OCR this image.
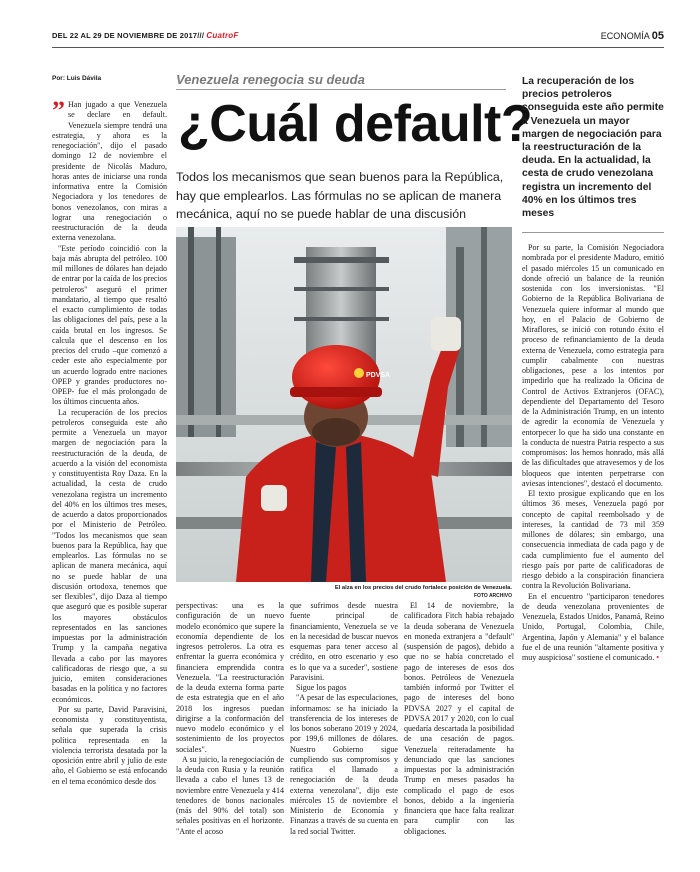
DEL 22 AL 29 DE NOVIEMBRE DE 2017/// CuatroF	ECONOMÍA 05
Por: Luis Dávila	Venezuela renegocia su deuda
¿Cuál default?
Todos los mecanismos que sean buenos para la República, hay que emplearlos. Las fórmulas no se aplican de manera mecánica, aquí no se puede hablar de una discusión

” Han jugado a que Venezuela se declare en default. Venezuela siempre tendrá una estrategia, y ahora es la renegociación", dijo el pasado domingo 12 de noviembre el presidente de Nicolás Maduro, horas antes de iniciarse una ronda informativa entre la Comisión Negociadora y los tenedores de bonos venezolanos, con miras a lograr una renegociación o reestructuración de la deuda externa venezolana.

"Este período coincidió con la baja más abrupta del petróleo. 100 mil millones de dólares han dejado de entrar por la caída de los precios petroleros" aseguró el primer mandatario, al tiempo que resaltó el exacto cumplimiento de todas las obligaciones del país, pese a la caída brutal en los ingresos. Se calcula que el descenso en los precios del crudo –que comenzó a ceder este año especialmente por un acuerdo logrado entre naciones OPEP y grandes productores no-OPEP- fue el más prolongado de los últimos cincuenta años.

La recuperación de los precios petroleros conseguida este año permite a Venezuela un mayor margen de negociación para la reestructuración de la deuda, de acuerdo a la visión del economista y constituyentista Roy Daza. En la actualidad, la cesta de crudo venezolana registra un incremento del 40% en los últimos tres meses, de acuerdo a datos proporcionados por el Ministerio de Petróleo. "Todos los mecanismos que sean buenos para la República, hay que emplearlos. Las fórmulas no se aplican de manera mecánica, aquí no se puede hablar de una discusión ortodoxa, tenemos que ser flexibles", dijo Daza al tiempo que aseguró que es posible superar los mayores obstáculos representados en las sanciones impuestas por la administración Trump y la campaña negativa llevada a cabo por las mayores calificadoras de riesgo que, a su juicio, emiten consideraciones basadas en la política y no factores económicos.

Por su parte, David Paravisini, economista y constituyentista, señala que superada la crisis política representada en la violencia terrorista desatada por la oposición entre abril y julio de este año, el Gobierno se está enfocando en el tema económico desde dos

PDVSA
El alza en los precios del crudo fortalece posición de Venezuela. FOTO ARCHIVO

perspectivas: una es la configuración de un nuevo modelo económico que supere la economía dependiente de los ingresos petroleros. La otra es enfrentar la guerra económica y financiera emprendida contra Venezuela. "La reestructuración de la deuda externa forma parte de esta estrategia que en el año 2018 los ingresos puedan dirigirse a la conformación del nuevo modelo económico y el sostenimiento de los proyectos sociales".

A su juicio, la renegociación de la deuda con Rusia y la reunión llevada a cabo el lunes 13 de noviembre entre Venezuela y 414 tenedores de bonos nacionales (más del 90% del total) son señales positivas en el horizonte. "Ante el acoso

que sufrimos desde nuestra fuente principal de financiamiento, Venezuela se ve en la necesidad de buscar nuevos esquemas para tener acceso al crédito, en otro escenario y eso es lo que va a suceder", sostiene Paravisini.

Sigue los pagos

"A pesar de las especulaciones, informamos: se ha iniciado la transferencia de los intereses de los bonos soberano 2019 y 2024, por 199,6 millones de dólares. Nuestro Gobierno sigue cumpliendo sus compromisos y ratifica el llamado a renegociación de la deuda externa venezolana", dijo este miércoles 15 de noviembre el Ministerio de Economía y Finanzas a través de su cuenta en la red social Twitter.

El 14 de noviembre, la calificadora Fitch había rebajado la deuda soberana de Venezuela en moneda extranjera a "default" (suspensión de pagos), debido a que no se había concretado el pago de intereses de esos dos bonos. Petróleos de Venezuela también informó por Twitter el pago de intereses del bono PDVSA 2027 y el capital de PDVSA 2017 y 2020, con lo cual quedaría descartada la posibilidad de una cesación de pagos. Venezuela reiteradamente ha denunciado que las sanciones impuestas por la administración Trump en meses pasados ha complicado el pago de esos bonos, debido a la ingeniería financiera que hace falta realizar para cumplir con las obligaciones.

La recuperación de los precios petroleros conseguida este año permite a Venezuela un mayor margen de negociación para la reestructuración de la deuda. En la actualidad, la cesta de crudo venezolana registra un incremento del 40% en los últimos tres meses

Por su parte, la Comisión Negociadora nombrada por el presidente Maduro, emitió el pasado miércoles 15 un comunicado en donde ofreció un balance de la reunión sostenida con los inversionistas. "El Gobierno de la República Bolivariana de Venezuela quiere informar al mundo que hoy, en el Palacio de Gobierno de Miraflores, se inició con rotundo éxito el proceso de refinanciamiento de la deuda externa de Venezuela, como estrategia para cumplir cabalmente con nuestras obligaciones, pese a los intentos por impedirlo que ha realizado la Oficina de Control de Activos Extranjeros (OFAC), dependiente del Departamento del Tesoro de la Administración Trump, en un intento de agredir la economía de Venezuela y entorpecer lo que ha sido una constante en la conducta de nuestra Patria respecto a sus compromisos: los hemos honrado, más allá de las dificultades que atravesemos y de los bloqueos que intenten perpetrarse con aviesas intenciones", destacó el documento.

El texto prosigue explicando que en los últimos 36 meses, Venezuela pagó por concepto de capital reembolsado y de intereses, la cantidad de 73 mil 359 millones de dólares; sin embargo, una consecuencia inmediata de cada pago y de cada cumplimiento fue el aumento del riesgo país por parte de calificadoras de riesgo debido a la conspiración financiera contra la Revolución Bolivariana.

En el encuentro "participaron tenedores de deuda venezolana provenientes de Venezuela, Estados Unidos, Panamá, Reino Unido, Portugal, Colombia, Chile, Argentina, Japón y Alemania" y el balance fue el de una reunión "altamente positiva y muy auspiciosa" sostiene el comunicado. •
